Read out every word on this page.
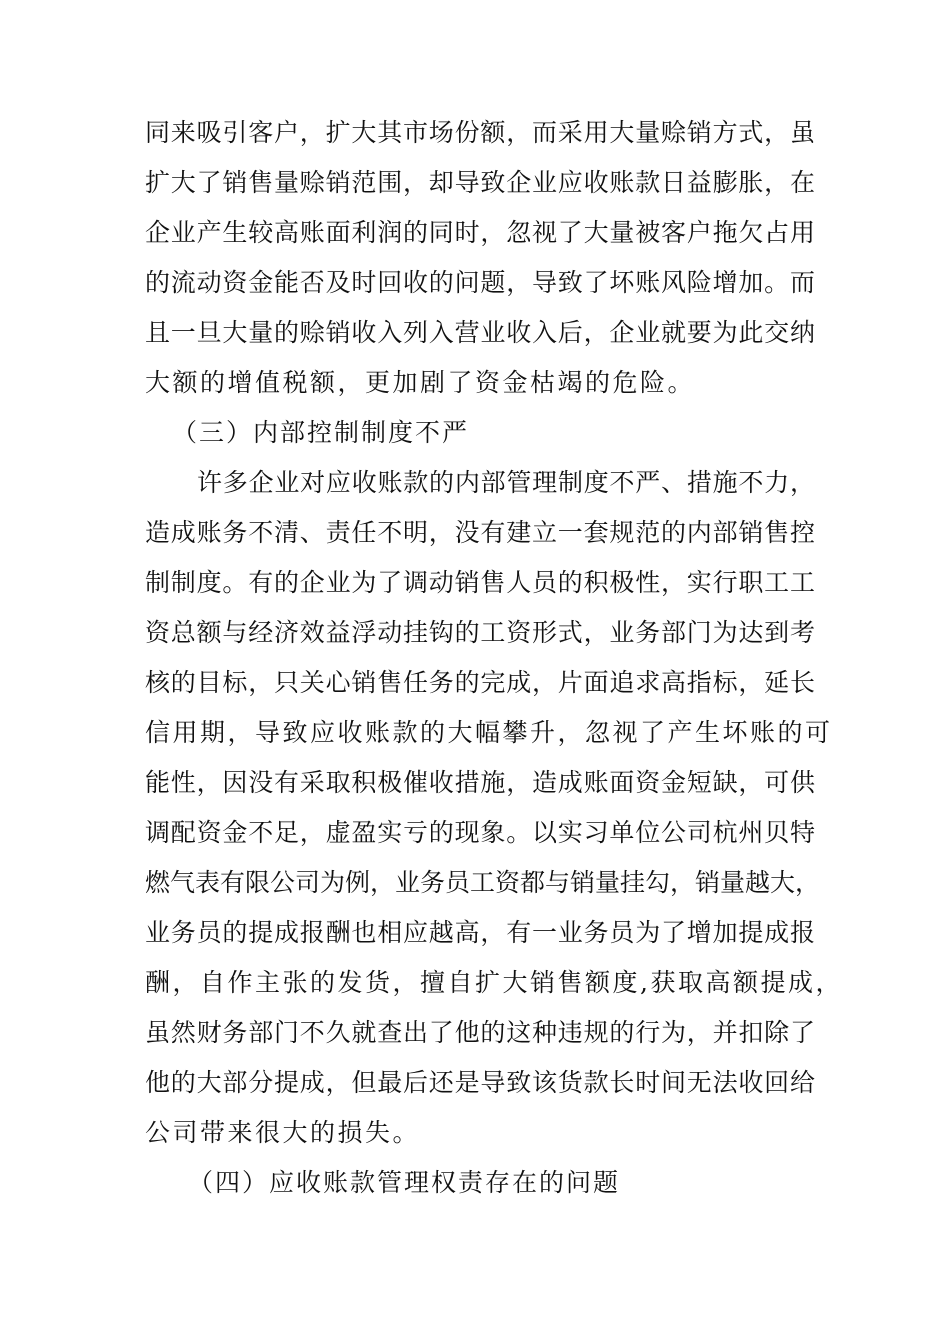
同来吸引客户，扩大其市场份额，而采用大量赊销方式，虽
扩大了销售量赊销范围，却导致企业应收账款日益膨胀，在
企业产生较高账面利润的同时，忽视了大量被客户拖欠占用
的流动资金能否及时回收的问题，导致了坏账风险增加。而
且一旦大量的赊销收入列入营业收入后，企业就要为此交纳
大额的增值税额，更加剧了资金枯竭的危险。
（三）内部控制制度不严
许多企业对应收账款的内部管理制度不严、措施不力，
造成账务不清、责任不明，没有建立一套规范的内部销售控
制制度。有的企业为了调动销售人员的积极性，实行职工工
资总额与经济效益浮动挂钩的工资形式，业务部门为达到考
核的目标，只关心销售任务的完成，片面追求高指标，延长
信用期，导致应收账款的大幅攀升，忽视了产生坏账的可
能性，因没有采取积极催收措施，造成账面资金短缺，可供
调配资金不足，虚盈实亏的现象。以实习单位公司杭州贝特
燃气表有限公司为例，业务员工资都与销量挂勾，销量越大，
业务员的提成报酬也相应越高，有一业务员为了增加提成报
酬，自作主张的发货，擅自扩大销售额度,获取高额提成，
虽然财务部门不久就查出了他的这种违规的行为，并扣除了
他的大部分提成，但最后还是导致该货款长时间无法收回给
公司带来很大的损失。
（四）应收账款管理权责存在的问题
